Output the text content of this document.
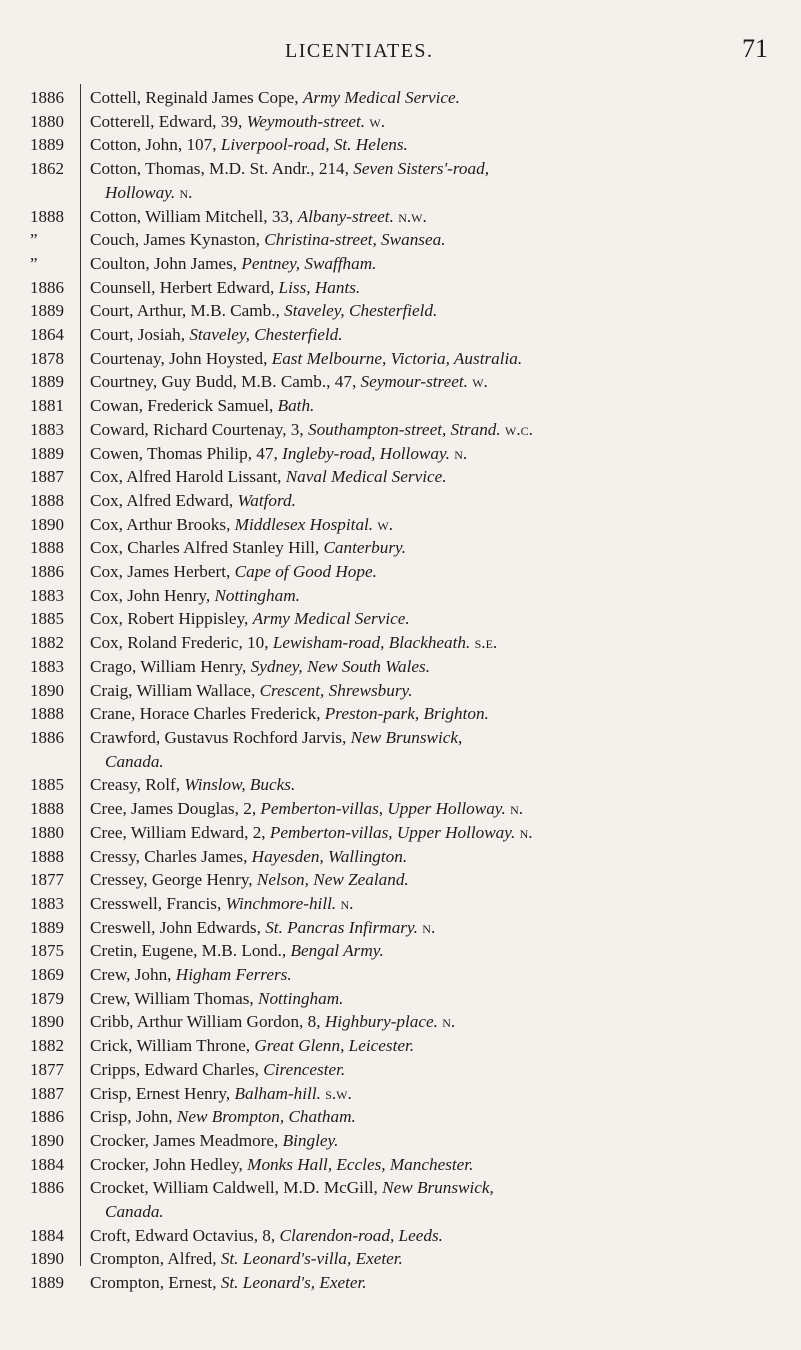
LICENTIATES.	71
1886	Cottell, Reginald James Cope, Army Medical Service.
1880	Cotterell, Edward, 39, Weymouth-street. w.
1889	Cotton, John, 107, Liverpool-road, St. Helens.
1862	Cotton, Thomas, M.D. St. Andr., 214, Seven Sisters'-road,
Holloway. n.
1888	Cotton, William Mitchell, 33, Albany-street. n.w.
”	Couch, James Kynaston, Christina-street, Swansea.
”	Coulton, John James, Pentney, Swaffham.
1886	Counsell, Herbert Edward, Liss, Hants.
1889	Court, Arthur, M.B. Camb., Staveley, Chesterfield.
1864	Court, Josiah, Staveley, Chesterfield.
1878	Courtenay, John Hoysted, East Melbourne, Victoria, Australia.
1889	Courtney, Guy Budd, M.B. Camb., 47, Seymour-street. w.
1881	Cowan, Frederick Samuel, Bath.
1883	Coward, Richard Courtenay, 3, Southampton-street, Strand. w.c.
1889	Cowen, Thomas Philip, 47, Ingleby-road, Holloway. n.
1887	Cox, Alfred Harold Lissant, Naval Medical Service.
1888	Cox, Alfred Edward, Watford.
1890	Cox, Arthur Brooks, Middlesex Hospital. w.
1888	Cox, Charles Alfred Stanley Hill, Canterbury.
1886	Cox, James Herbert, Cape of Good Hope.
1883	Cox, John Henry, Nottingham.
1885	Cox, Robert Hippisley, Army Medical Service.
1882	Cox, Roland Frederic, 10, Lewisham-road, Blackheath. s.e.
1883	Crago, William Henry, Sydney, New South Wales.
1890	Craig, William Wallace, Crescent, Shrewsbury.
1888	Crane, Horace Charles Frederick, Preston-park, Brighton.
1886	Crawford, Gustavus Rochford Jarvis, New Brunswick,
Canada.
1885	Creasy, Rolf, Winslow, Bucks.
1888	Cree, James Douglas, 2, Pemberton-villas, Upper Holloway. n.
1880	Cree, William Edward, 2, Pemberton-villas, Upper Holloway. n.
1888	Cressy, Charles James, Hayesden, Wallington.
1877	Cressey, George Henry, Nelson, New Zealand.
1883	Cresswell, Francis, Winchmore-hill. n.
1889	Creswell, John Edwards, St. Pancras Infirmary. n.
1875	Cretin, Eugene, M.B. Lond., Bengal Army.
1869	Crew, John, Higham Ferrers.
1879	Crew, William Thomas, Nottingham.
1890	Cribb, Arthur William Gordon, 8, Highbury-place. n.
1882	Crick, William Throne, Great Glenn, Leicester.
1877	Cripps, Edward Charles, Cirencester.
1887	Crisp, Ernest Henry, Balham-hill. s.w.
1886	Crisp, John, New Brompton, Chatham.
1890	Crocker, James Meadmore, Bingley.
1884	Crocker, John Hedley, Monks Hall, Eccles, Manchester.
1886	Crocket, William Caldwell, M.D. McGill, New Brunswick,
Canada.
1884	Croft, Edward Octavius, 8, Clarendon-road, Leeds.
1890	Crompton, Alfred, St. Leonard's-villa, Exeter.
1889	Crompton, Ernest, St. Leonard's, Exeter.
